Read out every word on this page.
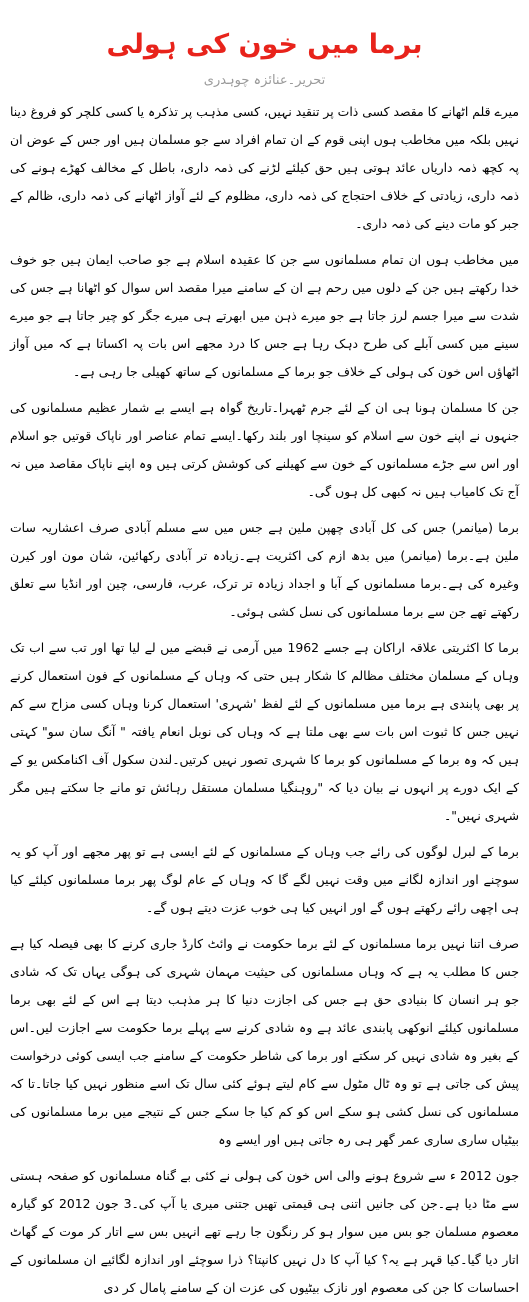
برما میں خون کی ہولی
تحریر۔عنائزہ چوہدری

میرے قلم اٹھانے کا مقصد کسی ذات پر تنقید نہیں، کسی مذہب پر تذکرہ یا کسی کلچر کو فروغ دینا نہیں بلکہ میں مخاطب ہوں اپنی قوم کے ان تمام افراد سے جو مسلمان ہیں اور جس کے عوض ان پہ کچھ ذمہ داریاں عائد ہوتی ہیں حق کیلئے لڑنے کی ذمہ داری، باطل کے مخالف کھڑے ہونے کی ذمہ داری، زیادتی کے خلاف احتجاج کی ذمہ داری، مظلوم کے لئے آواز اٹھانے کی ذمہ داری، ظالم کے جبر کو مات دینے کی ذمہ داری۔

میں مخاطب ہوں ان تمام مسلمانوں سے جن کا عقیدہ اسلام ہے جو صاحب ایمان ہیں جو خوف خدا رکھتے ہیں جن کے دلوں میں رحم ہے ان کے سامنے میرا مقصد اس سوال کو اٹھانا ہے جس کی شدت سے میرا جسم لرز جاتا ہے جو میرے ذہن میں ابھرتے ہی میرے جگر کو چیر جاتا ہے جو میرے سینے میں کسی آبلے کی طرح دہک رہا ہے جس کا درد مجھے اس بات پہ اکساتا ہے کہ میں آواز اٹھاؤں اس خون کی ہولی کے خلاف جو برما کے مسلمانوں کے ساتھ کھیلی جا رہی ہے۔

جن کا مسلمان ہونا ہی ان کے لئے جرم ٹھہرا۔تاریخ گواہ ہے ایسے بے شمار عظیم مسلمانوں کی جنہوں نے اپنے خون سے اسلام کو سینچا اور بلند رکھا۔ایسے تمام عناصر اور ناپاک قوتیں جو اسلام اور اس سے جڑے مسلمانوں کے خون سے کھیلنے کی کوشش کرتی ہیں وہ اپنے ناپاک مقاصد میں نہ آج تک کامیاب ہیں نہ کبھی کل ہوں گی۔

برما (میانمر) جس کی کل آبادی چھپن ملین ہے جس میں سے مسلم آبادی صرف اعشاریہ سات ملین ہے۔برما (میانمر) میں بدھ ازم کی اکثریت ہے۔زیادہ تر آبادی رکھائین، شان مون اور کیرن وغیرہ کی ہے۔برما مسلمانوں کے آبا و اجداد زیادہ تر ترک، عرب، فارسی، چین اور انڈیا سے تعلق رکھتے تھے جن سے برما مسلمانوں کی نسل کشی ہوئی۔

برما کا اکثریتی علاقہ اراکان ہے جسے 1962 میں آرمی نے قبضے میں لے لیا تھا اور تب سے اب تک وہاں کے مسلمان مختلف مظالم کا شکار ہیں حتی کہ وہاں کے مسلمانوں کے فون استعمال کرنے پر بھی پابندی ہے برما میں مسلمانوں کے لئے لفظ 'شہری' استعمال کرنا وہاں کسی مزاح سے کم نہیں جس کا ثبوت اس بات سے بھی ملتا ہے کہ وہاں کی نوبل انعام یافتہ " آنگ سان سو" کہتی ہیں کہ وہ برما کے مسلمانوں کو برما کا شہری تصور نہیں کرتیں۔لندن سکول آف اکنامکس یو کے کے ایک دورے پر انہوں نے بیان دیا کہ "روہنگیا مسلمان مستقل رہائش تو مانے جا سکتے ہیں مگر شہری نہیں"۔

برما کے لبرل لوگوں کی رائے جب وہاں کے مسلمانوں کے لئے ایسی ہے تو پھر مجھے اور آپ کو یہ سوچنے اور اندازہ لگانے میں وقت نہیں لگے گا کہ وہاں کے عام لوگ پھر برما مسلمانوں کیلئے کیا ہی اچھی رائے رکھتے ہوں گے اور انہیں کیا ہی خوب عزت دیتے ہوں گے۔

صرف اتنا نہیں برما مسلمانوں کے لئے برما حکومت نے وائٹ کارڈ جاری کرنے کا بھی فیصلہ کیا ہے جس کا مطلب یہ ہے کہ وہاں مسلمانوں کی حیثیت مہمان شہری کی ہوگی یہاں تک کہ شادی جو ہر انسان کا بنیادی حق ہے جس کی اجازت دنیا کا ہر مذہب دیتا ہے اس کے لئے بھی برما مسلمانوں کیلئے انوکھی پابندی عائد ہے وہ شادی کرنے سے پہلے برما حکومت سے اجازت لیں۔اس کے بغیر وہ شادی نہیں کر سکتے اور برما کی شاطر حکومت کے سامنے جب ایسی کوئی درخواست پیش کی جاتی ہے تو وہ ٹال مٹول سے کام لیتے ہوئے کئی سال تک اسے منظور نہیں کیا جاتا۔تا کہ مسلمانوں کی نسل کشی ہو سکے اس کو کم کیا جا سکے جس کے نتیجے میں برما مسلمانوں کی بیٹیاں ساری ساری عمر گھر ہی رہ جاتی ہیں اور ایسے وہ

جون 2012 ء سے شروع ہونے والی اس خون کی ہولی نے کئی بے گناہ مسلمانوں کو صفحہ ہستی سے مٹا دیا ہے۔جن کی جانیں اتنی ہی قیمتی تھیں جتنی میری یا آپ کی۔3 جون 2012 کو گیارہ معصوم مسلمان جو بس میں سوار ہو کر رنگون جا رہے تھے انہیں بس سے اتار کر موت کے گھاٹ اتار دیا گیا۔کیا قہر ہے یہ؟ کیا آپ کا دل نہیں کانپتا؟ ذرا سوچئے اور اندازہ لگائیے ان مسلمانوں کے احساسات کا جن کی معصوم اور نازک بیٹیوں کی عزت ان کے سامنے پامال کر دی
